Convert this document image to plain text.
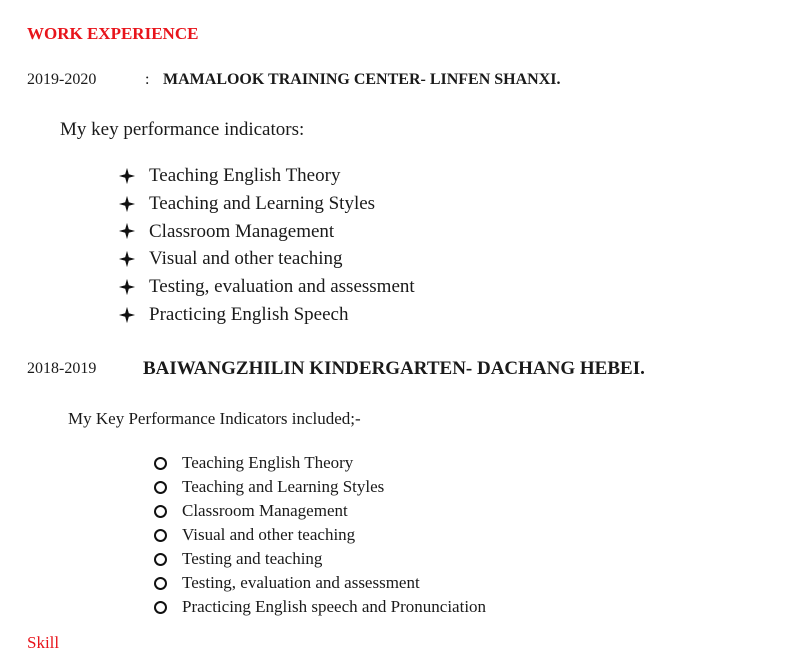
WORK EXPERIENCE
2019-2020	: MAMALOOK TRAINING CENTER- LINFEN SHANXI.
My key performance indicators:
Teaching English Theory
Teaching and Learning Styles
Classroom Management
Visual and other teaching
Testing, evaluation and assessment
Practicing English Speech
2018-2019 BAIWANGZHILIN KINDERGARTEN- DACHANG HEBEI.
My Key Performance Indicators included;-
Teaching English Theory
Teaching and Learning Styles
Classroom Management
Visual and other teaching
Testing and teaching
Testing, evaluation and assessment
Practicing English speech and Pronunciation
Skill
